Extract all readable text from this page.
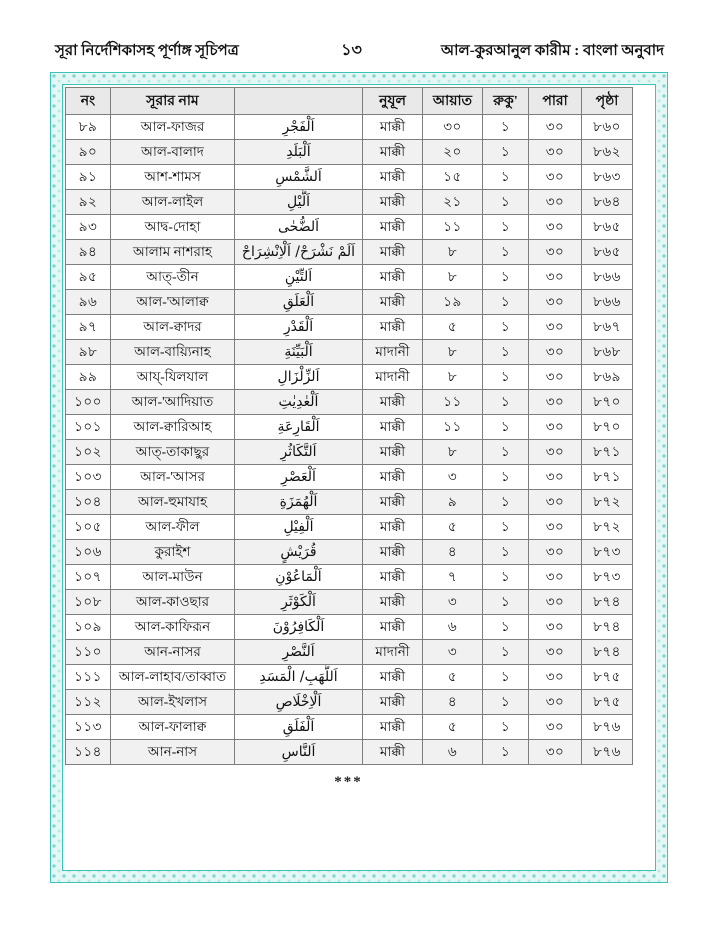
১৩
সূরা নির্দেশিকাসহ পূর্ণাঙ্গ সূচিপত্র	আল-কুরআনুল কারীম : বাংলা অনুবাদ
নং	সূরার নাম		নুযূল	আয়াত	রুকু'	পারা	পৃষ্ঠা
৮৯	আল-ফাজর	اَلْفَجْرِ	মাক্কী	৩০	১	৩০	৮৬০
৯০	আল-বালাদ	اَلْبَلَدِ	মাক্কী	২০	১	৩০	৮৬২
৯১	আশ-শামস	اَلشَّمْسِ	মাক্কী	১৫	১	৩০	৮৬৩
৯২	আল-লাইল	اَلَّيْلِ	মাক্কী	২১	১	৩০	৮৬৪
৯৩	আদ্ব-দোহা	اَلضُّحٰى	মাক্কী	১১	১	৩০	৮৬৫
৯৪	আলাম নাশরাহ	اَلَمْ نَشْرَحْ/ اَلْاِنْشِرَاحْ	মাক্কী	৮	১	৩০	৮৬৫
৯৫	আত্-তীন	اَلتِّيْنِ	মাক্কী	৮	১	৩০	৮৬৬
৯৬	আল-'আলাক্ব	اَلْعَلَقِ	মাক্কী	১৯	১	৩০	৮৬৬
৯৭	আল-ক্বাদর	اَلْقَدْرِ	মাক্কী	৫	১	৩০	৮৬৭
৯৮	আল-বায়্যিনাহ	اَلْبَيِّنَةِ	মাদানী	৮	১	৩০	৮৬৮
৯৯	আয্-যিলযাল	اَلزِّلْزَالِ	মাদানী	৮	১	৩০	৮৬৯
১০০	আল-'আদিয়াত	اَلْعٰدِيٰتِ	মাক্কী	১১	১	৩০	৮৭০
১০১	আল-ক্বারিআহ	اَلْقَارِعَةِ	মাক্কী	১১	১	৩০	৮৭০
১০২	আত্-তাকাছুর	اَلتَّكَاثُرِ	মাক্কী	৮	১	৩০	৮৭১
১০৩	আল-'আসর	اَلْعَصْرِ	মাক্কী	৩	১	৩০	৮৭১
১০৪	আল-হুমাযাহ	اَلْهُمَزَةِ	মাক্কী	৯	১	৩০	৮৭২
১০৫	আল-ফীল	اَلْفِيْلِ	মাক্কী	৫	১	৩০	৮৭২
১০৬	কুরাইশ	قُرَيْشٍ	মাক্কী	৪	১	৩০	৮৭৩
১০৭	আল-মাউন	اَلْمَاعُوْنِ	মাক্কী	৭	১	৩০	৮৭৩
১০৮	আল-কাওছার	اَلْكَوْثَرِ	মাক্কী	৩	১	৩০	৮৭৪
১০৯	আল-কাফিরূন	اَلْكَافِرُوْنَ	মাক্কী	৬	১	৩০	৮৭৪
১১০	আন-নাসর	اَلنَّصْرِ	মাদানী	৩	১	৩০	৮৭৪
১১১	আল-লাহাব/তাব্বাত	اَللَّهَبِ/ الْمَسَدِ	মাক্কী	৫	১	৩০	৮৭৫
১১২	আল-ইখলাস	اَلْاِخْلَاصِ	মাক্কী	৪	১	৩০	৮৭৫
১১৩	আল-ফালাক্ব	اَلْفَلَقِ	মাক্কী	৫	১	৩০	৮৭৬
১১৪	আন-নাস	اَلنَّاسِ	মাক্কী	৬	১	৩০	৮৭৬
***
